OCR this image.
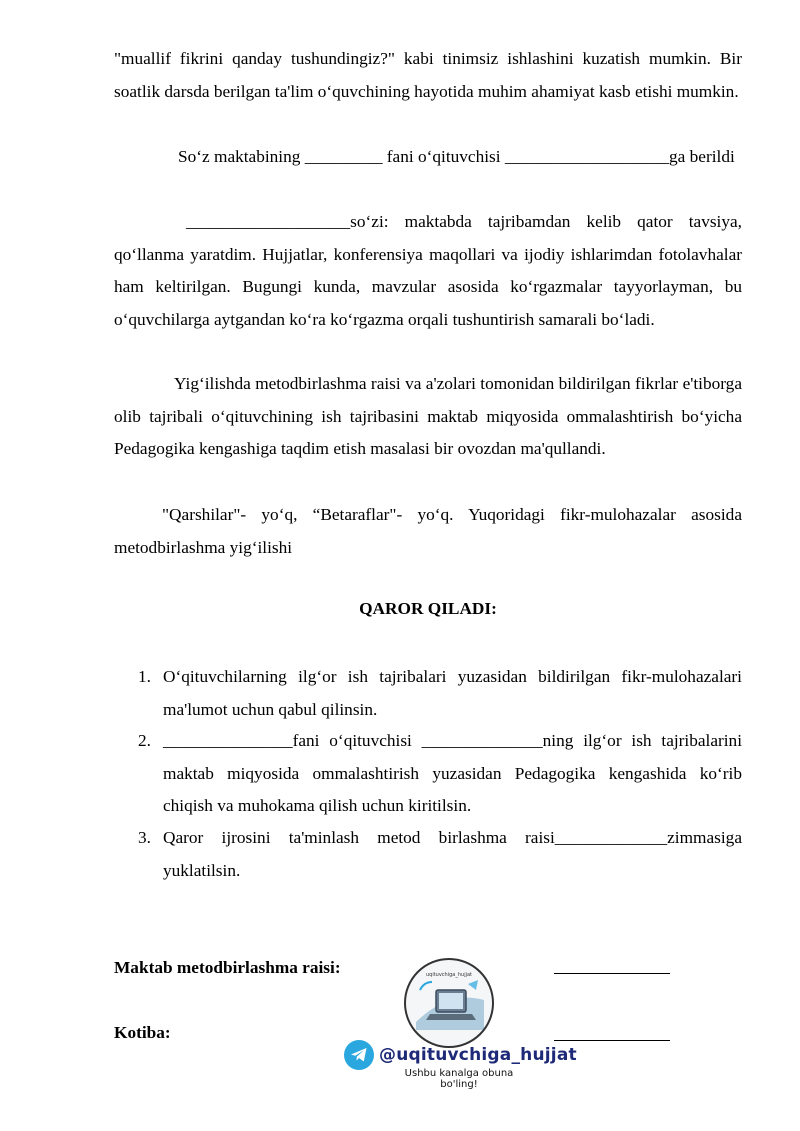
"muallif fikrini qanday tushundingiz?" kabi tinimsiz ishlashini kuzatish mumkin. Bir soatlik darsda berilgan ta'lim o‘quvchining hayotida muhim ahamiyat kasb etishi mumkin.

So‘z maktabining _________ fani o‘qituvchisi ___________________ga berildi

___________________so‘zi: maktabda tajribamdan kelib qator tavsiya, qo‘llanma yaratdim. Hujjatlar, konferensiya maqollari va ijodiy ishlarimdan fotolavhalar ham keltirilgan. Bugungi kunda, mavzular asosida ko‘rgazmalar tayyorlayman, bu o‘quvchilarga aytgandan ko‘ra ko‘rgazma orqali tushuntirish samarali bo‘ladi.

Yig‘ilishda metodbirlashma raisi va a'zolari tomonidan bildirilgan fikrlar e'tiborga olib tajribali o‘qituvchining ish tajribasini maktab miqyosida ommalashtirish bo‘yicha Pedagogika kengashiga taqdim etish masalasi bir ovozdan ma'qullandi.

"Qarshilar"- yo‘q, “Betaraflar"- yo‘q. Yuqoridagi fikr-mulohazalar asosida metodbirlashma yig‘ilishi

QAROR QILADI:
1. O‘qituvchilarning ilg‘or ish tajribalari yuzasidan bildirilgan fikr-mulohazalari ma'lumot uchun qabul qilinsin.
2. _______________fani o‘qituvchisi ______________ning ilg‘or ish tajribalarini maktab miqyosida ommalashtirish yuzasidan Pedagogika kengashida ko‘rib chiqish va muhokama qilish uchun kiritilsin.
3. Qaror ijrosini ta'minlash metod birlashma raisi_____________zimmasiga yuklatilsin.
Maktab metodbirlashma raisi:
Kotiba:
uqituvchiga_hujjat
@uqituvchiga_hujjat
Ushbu kanalga obuna
bo'ling!
